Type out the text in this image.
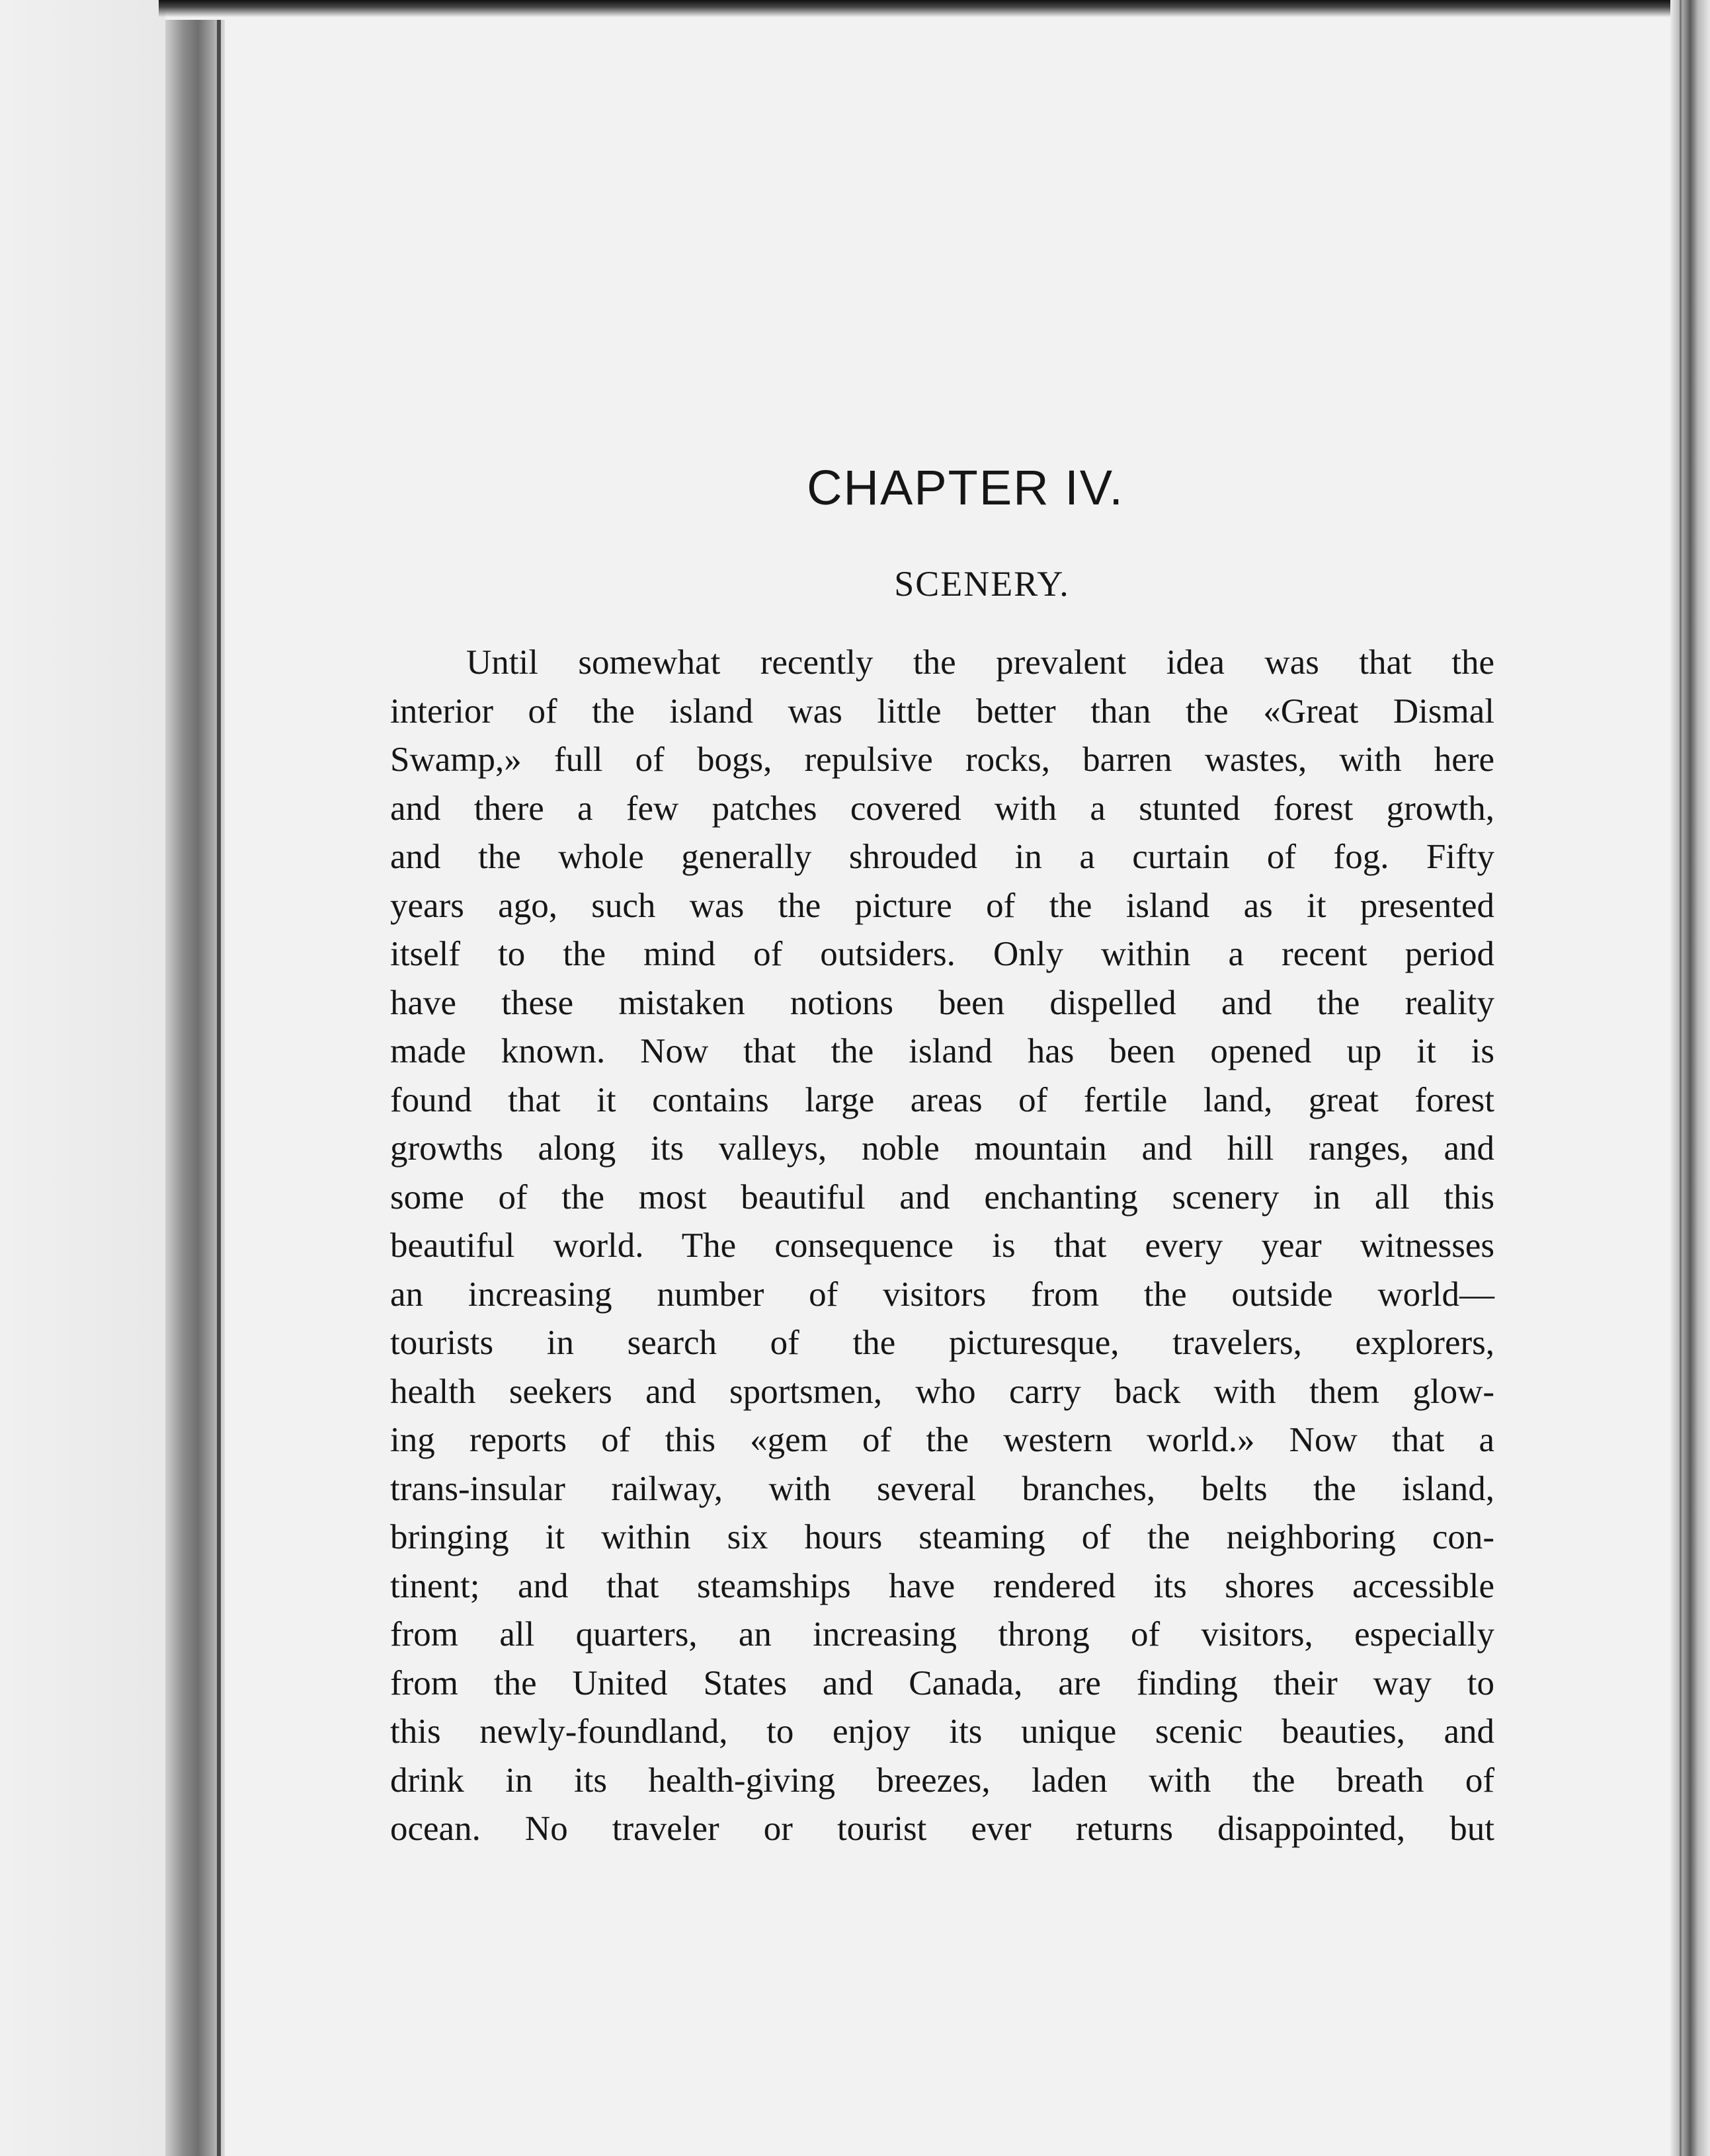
CHAPTER IV.
SCENERY.
Until somewhat recently the prevalent idea was that the
interior of the island was little better than the «Great Dismal
Swamp,» full of bogs, repulsive rocks, barren wastes, with here
and there a few patches covered with a stunted forest growth,
and the whole generally shrouded in a curtain of fog. Fifty
years ago, such was the picture of the island as it presented
itself to the mind of outsiders. Only within a recent period
have these mistaken notions been dispelled and the reality
made known. Now that the island has been opened up it is
found that it contains large areas of fertile land, great forest
growths along its valleys, noble mountain and hill ranges, and
some of the most beautiful and enchanting scenery in all this
beautiful world. The consequence is that every year witnesses
an increasing number of visitors from the outside world—
tourists in search of the picturesque, travelers, explorers,
health seekers and sportsmen, who carry back with them glow-
ing reports of this «gem of the western world.» Now that a
trans-insular railway, with several branches, belts the island,
bringing it within six hours steaming of the neighboring con-
tinent; and that steamships have rendered its shores accessible
from all quarters, an increasing throng of visitors, especially
from the United States and Canada, are finding their way to
this newly-foundland, to enjoy its unique scenic beauties, and
drink in its health-giving breezes, laden with the breath of
ocean. No traveler or tourist ever returns disappointed, but
